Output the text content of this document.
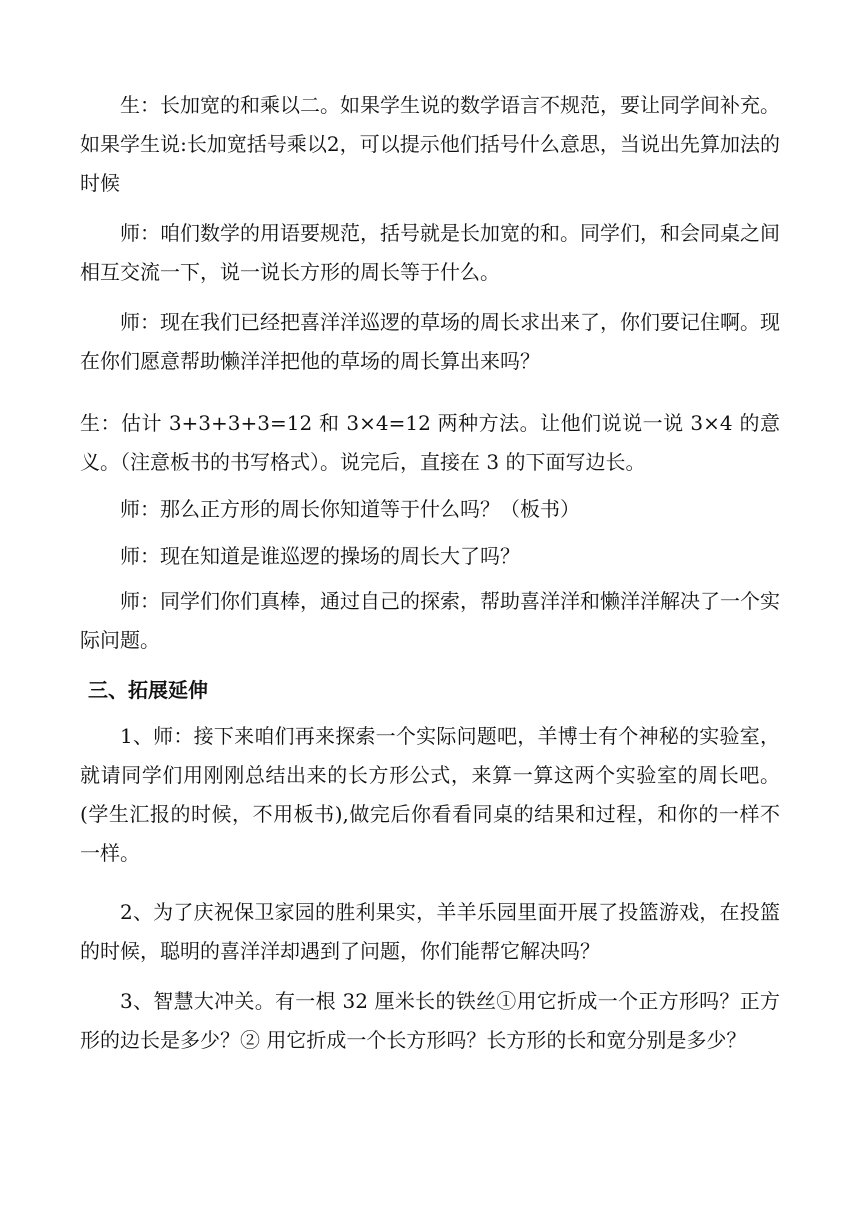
生：长加宽的和乘以二。如果学生说的数学语言不规范，要让同学间补充。如果学生说:长加宽括号乘以2，可以提示他们括号什么意思，当说出先算加法的时候

师：咱们数学的用语要规范，括号就是长加宽的和。同学们，和会同桌之间相互交流一下，说一说长方形的周长等于什么。

师：现在我们已经把喜洋洋巡逻的草场的周长求出来了，你们要记住啊。现在你们愿意帮助懒洋洋把他的草场的周长算出来吗？

生：估计 3+3+3+3=12 和 3×4=12 两种方法。让他们说说一说 3×4 的意义。（注意板书的书写格式）。说完后，直接在 3 的下面写边长。

师：那么正方形的周长你知道等于什么吗？（板书）

师：现在知道是谁巡逻的操场的周长大了吗？

师：同学们你们真棒，通过自己的探索，帮助喜洋洋和懒洋洋解决了一个实际问题。

三、拓展延伸

1、师：接下来咱们再来探索一个实际问题吧，羊博士有个神秘的实验室，就请同学们用刚刚总结出来的长方形公式，来算一算这两个实验室的周长吧。(学生汇报的时候，不用板书),做完后你看看同桌的结果和过程，和你的一样不一样。

2、为了庆祝保卫家园的胜利果实，羊羊乐园里面开展了投篮游戏，在投篮的时候，聪明的喜洋洋却遇到了问题，你们能帮它解决吗？

3、智慧大冲关。有一根 32 厘米长的铁丝①用它折成一个正方形吗？正方形的边长是多少？② 用它折成一个长方形吗？长方形的长和宽分别是多少？
